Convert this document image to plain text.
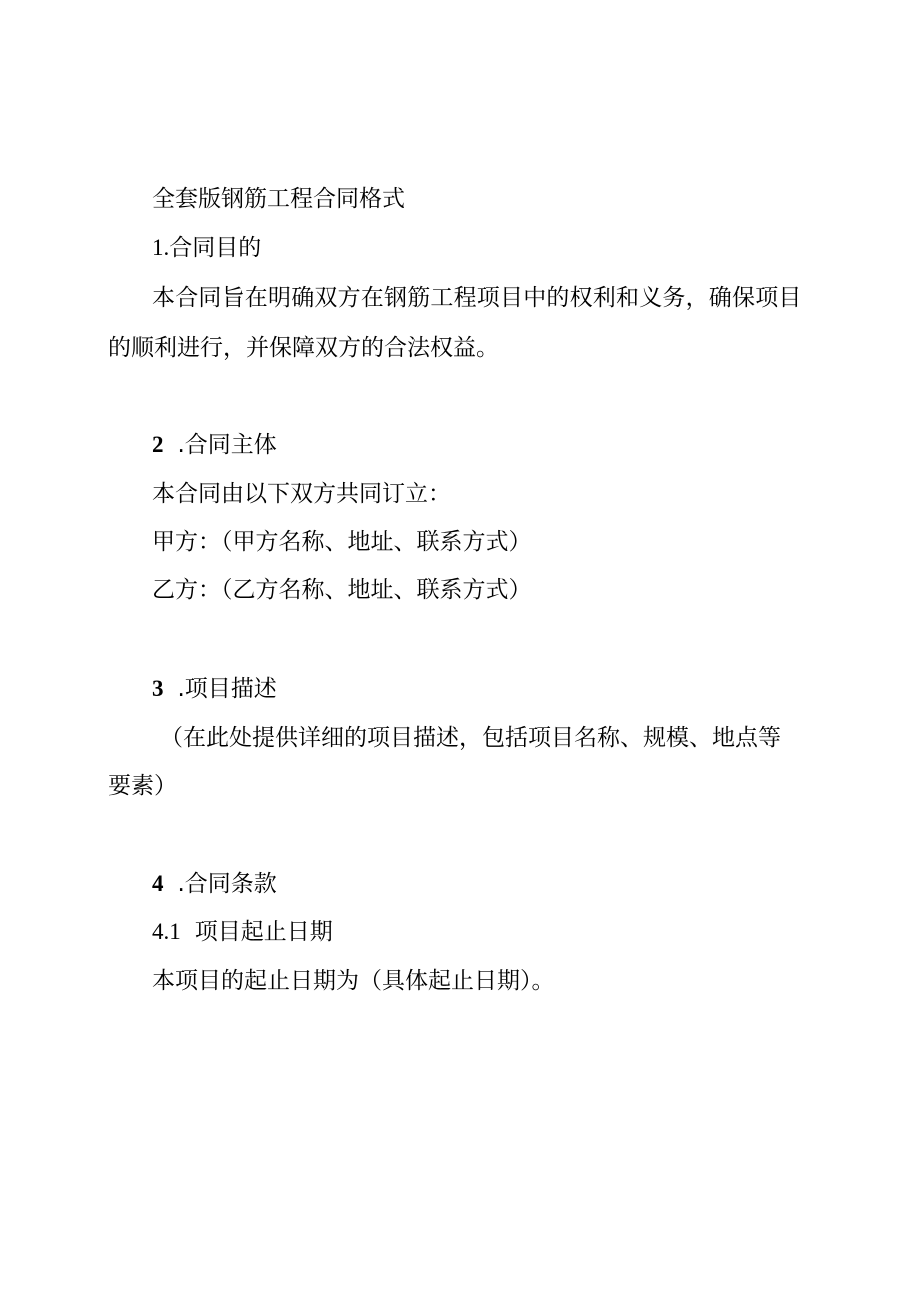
全套版钢筋工程合同格式
1.合同目的
本合同旨在明确双方在钢筋工程项目中的权利和义务，确保项目
的顺利进行，并保障双方的合法权益。
2 .合同主体
本合同由以下双方共同订立：
甲方：（甲方名称、地址、联系方式）
乙方：（乙方名称、地址、联系方式）
3 .项目描述
（在此处提供详细的项目描述，包括项目名称、规模、地点等
要素）
4 .合同条款
4.1 项目起止日期
本项目的起止日期为（具体起止日期）。
